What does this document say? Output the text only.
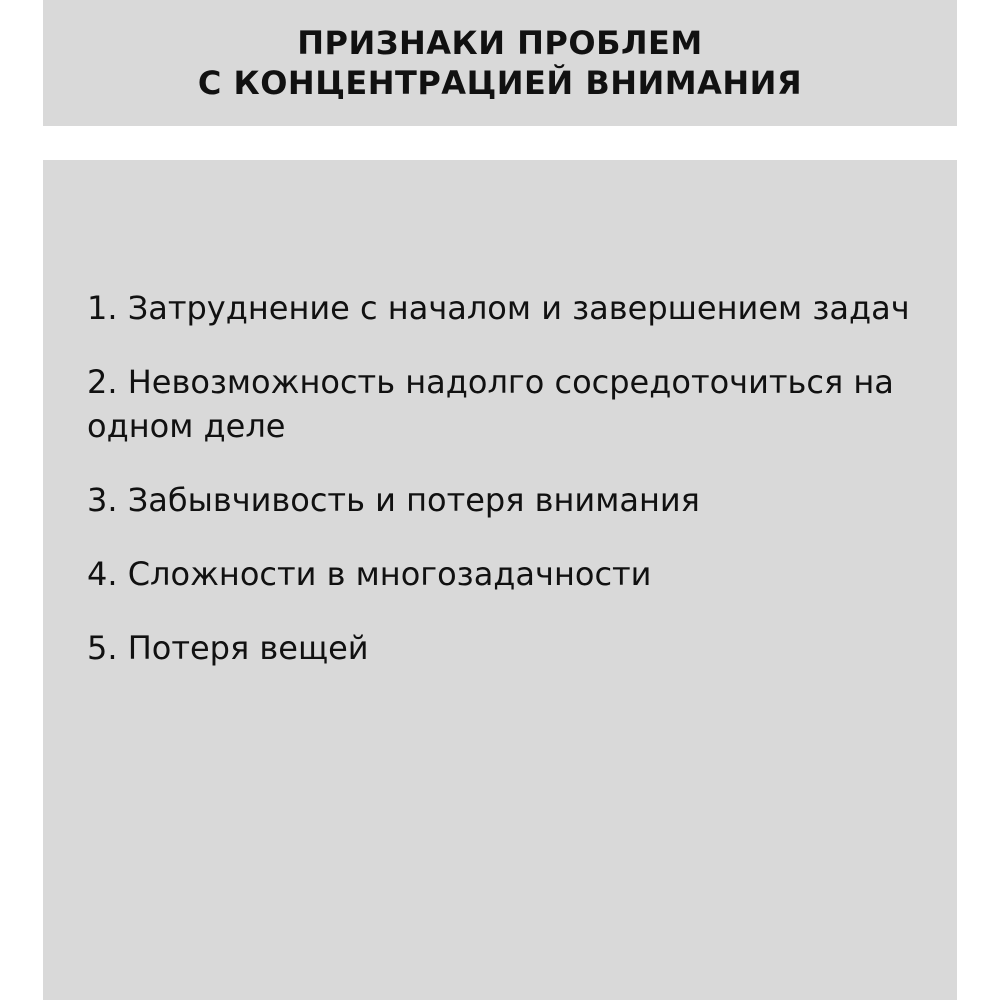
ПРИЗНАКИ ПРОБЛЕМ
С КОНЦЕНТРАЦИЕЙ ВНИМАНИЯ
1. Затруднение с началом и завершением задач
2. Невозможность надолго сосредоточиться на одном деле
3. Забывчивость и потеря внимания
4. Сложности в многозадачности
5. Потеря вещей
